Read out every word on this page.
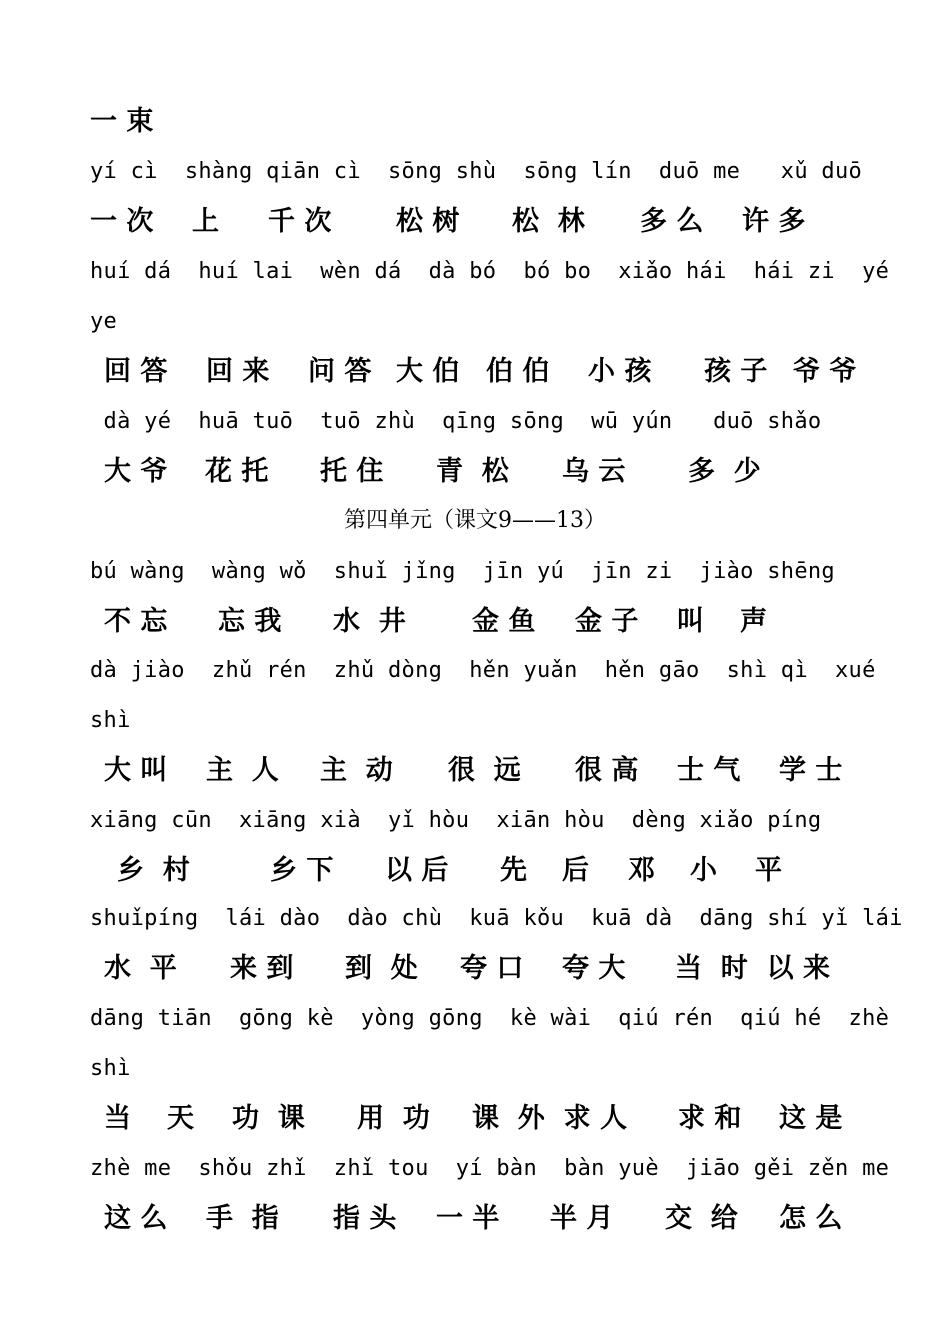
一 束
yí cì  shàng qiān cì  sōng shù  sōng lín  duō me   xǔ duō
一 次 上 千 次 松 树 松  林 多 么 许 多
huí dá  huí lai  wèn dá  dà bó  bó bo  xiǎo hái  hái zi  yé
ye
回 答 回 来 问 答 大 伯 伯 伯 小 孩 孩 子 爷 爷
dà yé  huā tuō  tuō zhù  qīng sōng  wū yún   duō shǎo
大 爷 花 托 托 住 青  松 乌 云 多  少
第四单元（课文9——13）
bú wàng  wàng wǒ  shuǐ jǐng  jīn yú  jīn zi  jiào shēng
不 忘 忘 我 水  井 金 鱼 金 子 叫 声
dà jiào  zhǔ rén  zhǔ dòng  hěn yuǎn  hěn gāo  shì qì  xué
shì
大 叫 主  人 主  动 很  远 很 高 士 气 学 士
xiāng cūn  xiāng xià  yǐ hòu  xiān hòu  dèng xiǎo píng
乡  村	乡 下 以 后 先 后 邓 小 平
shuǐpíng  lái dào  dào chù  kuā kǒu  kuā dà  dāng shí yǐ lái
水  平 来 到 到  处 夸 口 夸 大 当  时  以 来
dāng tiān  gōng kè  yòng gōng  kè wài  qiú rén  qiú hé  zhè
shì
当 天 功  课 用  功 课  外  求 人 求 和 这 是
zhè me  shǒu zhǐ  zhǐ tou  yí bàn  bàn yuè  jiāo gěi zěn me
这 么 手  指 指 头 一 半 半 月 交  给 怎 么
